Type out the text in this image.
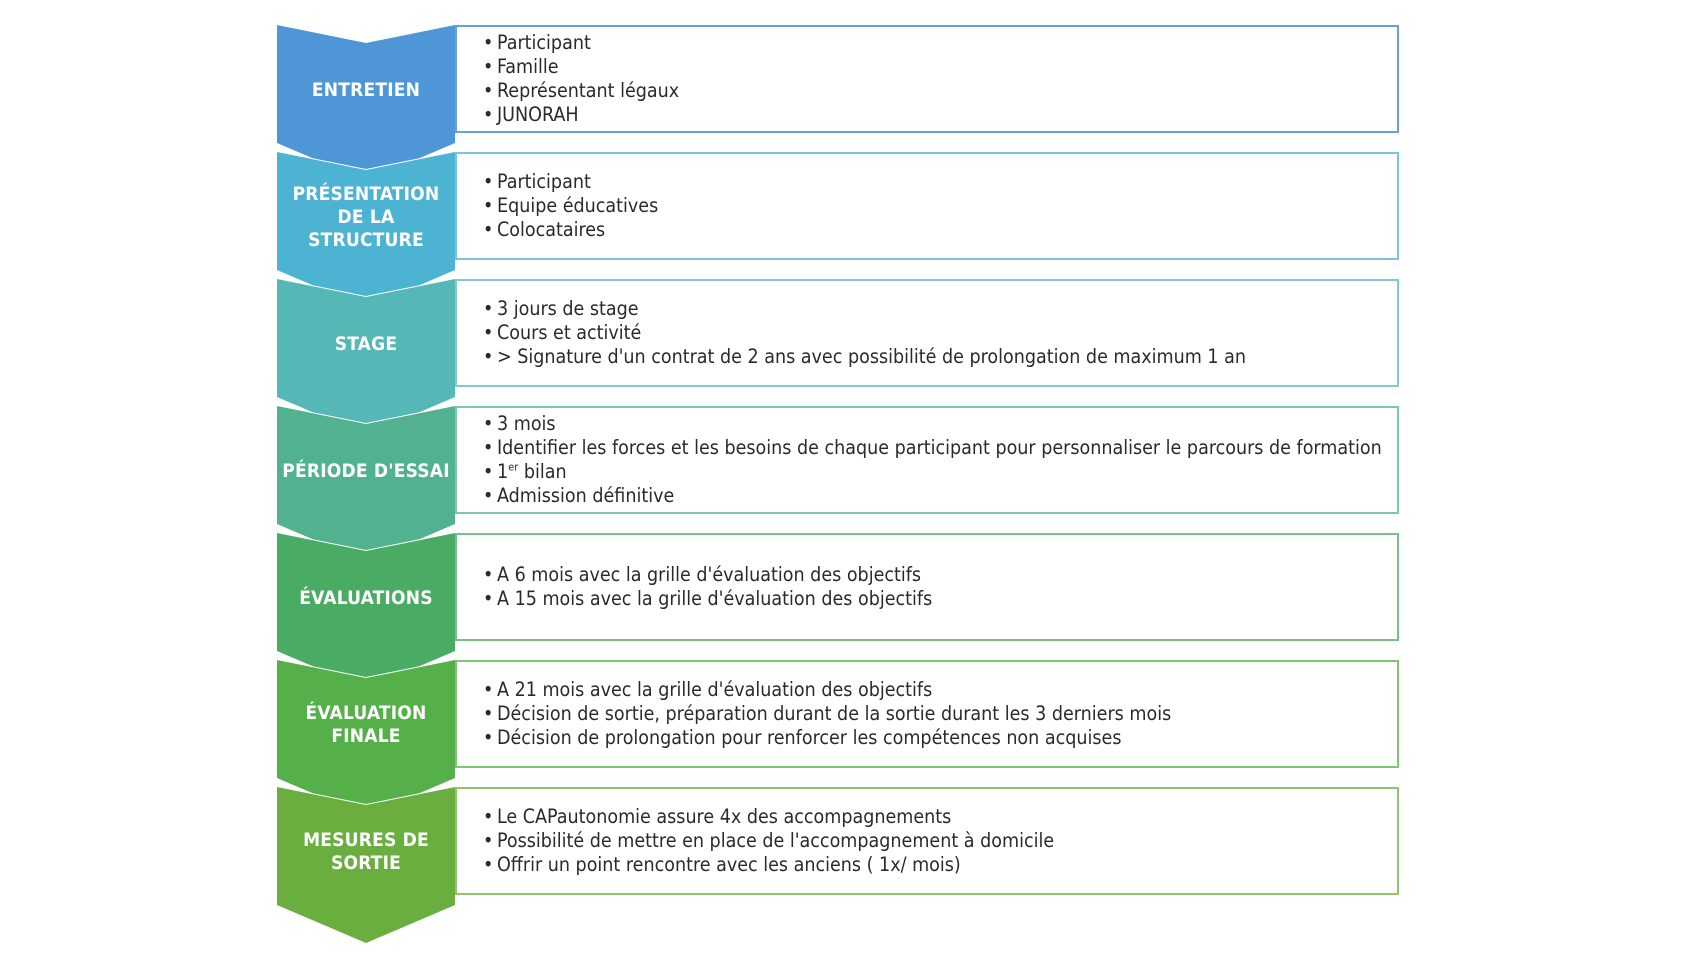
ENTRETIEN
• Participant
• Famille
• Représentant légaux
• JUNORAH
PRÉSENTATION
DE LA STRUCTURE
• Participant
• Equipe éducatives
• Colocataires
STAGE
• 3 jours de stage
• Cours et activité
• > Signature d'un contrat de 2 ans avec possibilité de prolongation de maximum 1 an
PÉRIODE D'ESSAI
• 3 mois
• Identifier les forces et les besoins de chaque participant pour personnaliser le parcours de formation
• 1er bilan
• Admission définitive
ÉVALUATIONS
• A 6 mois avec la grille d'évaluation des objectifs
• A 15 mois avec la grille d'évaluation des objectifs
ÉVALUATION
FINALE
• A 21 mois avec la grille d'évaluation des objectifs
• Décision de sortie, préparation durant de la sortie durant les 3 derniers mois
• Décision de prolongation pour renforcer les compétences non acquises
MESURES DE
SORTIE
• Le CAPautonomie assure 4x des accompagnements
• Possibilité de mettre en place de l'accompagnement à domicile
• Offrir un point rencontre avec les anciens ( 1x/ mois)
